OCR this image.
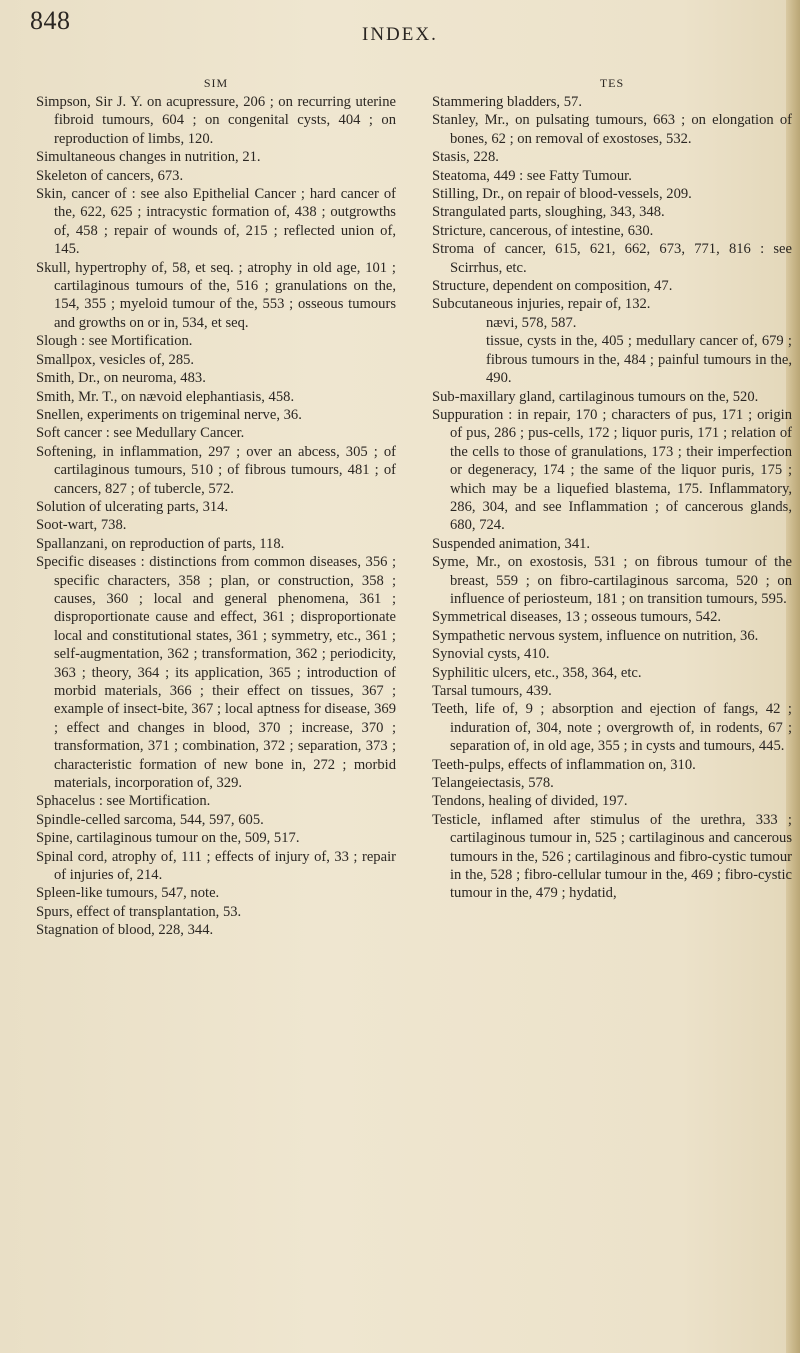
848	INDEX.
SIM

Simpson, Sir J. Y. on acupressure, 206 ; on recurring uterine fibroid tumours, 604 ; on congenital cysts, 404 ; on reproduction of limbs, 120.

Simultaneous changes in nutrition, 21.

Skeleton of cancers, 673.

Skin, cancer of : see also Epithelial Cancer ; hard cancer of the, 622, 625 ; intracystic formation of, 438 ; outgrowths of, 458 ; repair of wounds of, 215 ; reflected union of, 145.

Skull, hypertrophy of, 58, et seq. ; atrophy in old age, 101 ; cartilaginous tumours of the, 516 ; granulations on the, 154, 355 ; myeloid tumour of the, 553 ; osseous tumours and growths on or in, 534, et seq.

Slough : see Mortification.

Smallpox, vesicles of, 285.

Smith, Dr., on neuroma, 483.

Smith, Mr. T., on nævoid elephantiasis, 458.

Snellen, experiments on trigeminal nerve, 36.

Soft cancer : see Medullary Cancer.

Softening, in inflammation, 297 ; over an abcess, 305 ; of cartilaginous tumours, 510 ; of fibrous tumours, 481 ; of cancers, 827 ; of tubercle, 572.

Solution of ulcerating parts, 314.

Soot-wart, 738.

Spallanzani, on reproduction of parts, 118.

Specific diseases : distinctions from common diseases, 356 ; specific characters, 358 ; plan, or construction, 358 ; causes, 360 ; local and general phenomena, 361 ; disproportionate cause and effect, 361 ; disproportionate local and constitutional states, 361 ; symmetry, etc., 361 ; self-augmentation, 362 ; transformation, 362 ; periodicity, 363 ; theory, 364 ; its application, 365 ; introduction of morbid materials, 366 ; their effect on tissues, 367 ; example of insect-bite, 367 ; local aptness for disease, 369 ; effect and changes in blood, 370 ; increase, 370 ; transformation, 371 ; combination, 372 ; separation, 373 ; characteristic formation of new bone in, 272 ; morbid materials, incorporation of, 329.

Sphacelus : see Mortification.

Spindle-celled sarcoma, 544, 597, 605.

Spine, cartilaginous tumour on the, 509, 517.

Spinal cord, atrophy of, 111 ; effects of injury of, 33 ; repair of injuries of, 214.

Spleen-like tumours, 547, note.

Spurs, effect of transplantation, 53.

Stagnation of blood, 228, 344.

TES

Stammering bladders, 57.

Stanley, Mr., on pulsating tumours, 663 ; on elongation of bones, 62 ; on removal of exostoses, 532.

Stasis, 228.

Steatoma, 449 : see Fatty Tumour.

Stilling, Dr., on repair of blood-vessels, 209.

Strangulated parts, sloughing, 343, 348.

Stricture, cancerous, of intestine, 630.

Stroma of cancer, 615, 621, 662, 673, 771, 816 : see Scirrhus, etc.

Structure, dependent on composition, 47.

Subcutaneous injuries, repair of, 132.

nævi, 578, 587.

tissue, cysts in the, 405 ; medullary cancer of, 679 ; fibrous tumours in the, 484 ; painful tumours in the, 490.

Sub-maxillary gland, cartilaginous tumours on the, 520.

Suppuration : in repair, 170 ; characters of pus, 171 ; origin of pus, 286 ; pus-cells, 172 ; liquor puris, 171 ; relation of the cells to those of granulations, 173 ; their imperfection or degeneracy, 174 ; the same of the liquor puris, 175 ; which may be a liquefied blastema, 175. Inflammatory, 286, 304, and see Inflammation ; of cancerous glands, 680, 724.

Suspended animation, 341.

Syme, Mr., on exostosis, 531 ; on fibrous tumour of the breast, 559 ; on fibro-cartilaginous sarcoma, 520 ; on influence of periosteum, 181 ; on transition tumours, 595.

Symmetrical diseases, 13 ; osseous tumours, 542.

Sympathetic nervous system, influence on nutrition, 36.

Synovial cysts, 410.

Syphilitic ulcers, etc., 358, 364, etc.

Tarsal tumours, 439.

Teeth, life of, 9 ; absorption and ejection of fangs, 42 ; induration of, 304, note ; overgrowth of, in rodents, 67 ; separation of, in old age, 355 ; in cysts and tumours, 445.

Teeth-pulps, effects of inflammation on, 310.

Telangeiectasis, 578.

Tendons, healing of divided, 197.

Testicle, inflamed after stimulus of the urethra, 333 ; cartilaginous tumour in, 525 ; cartilaginous and cancerous tumours in the, 526 ; cartilaginous and fibro-cystic tumour in the, 528 ; fibro-cellular tumour in the, 469 ; fibro-cystic tumour in the, 479 ; hydatid,
